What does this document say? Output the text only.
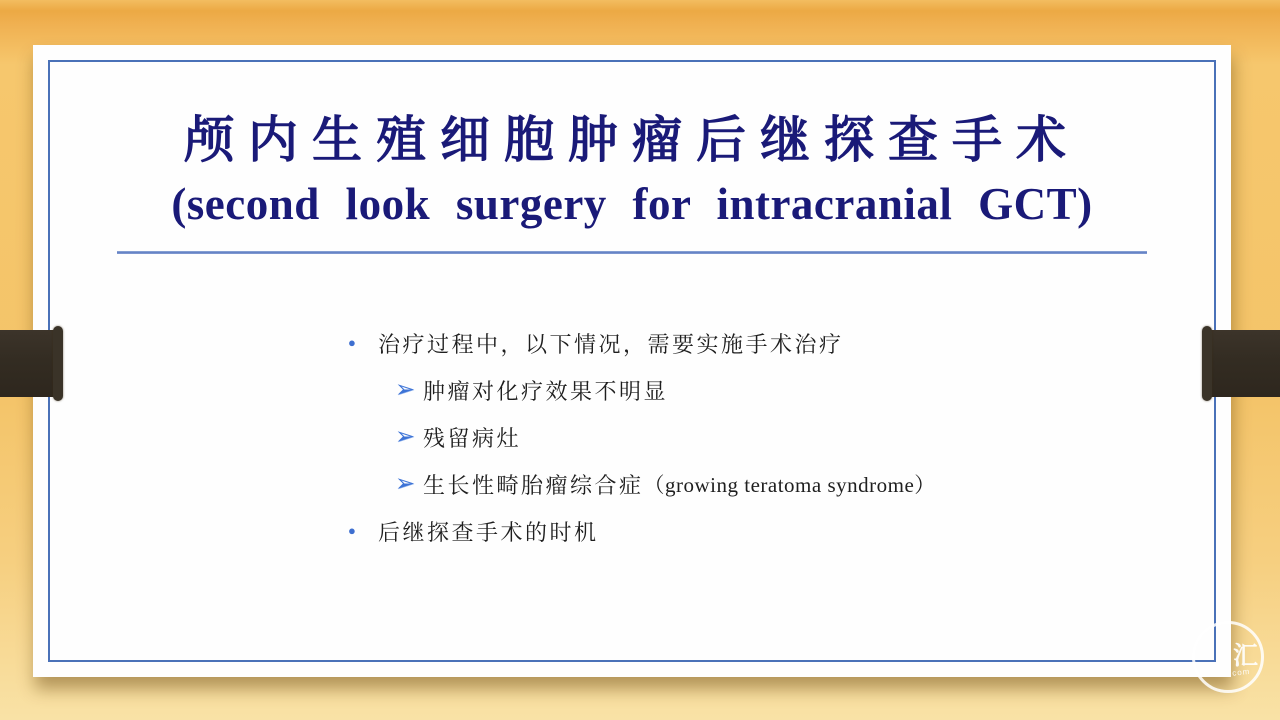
颅内生殖细胞肿瘤后继探查手术
(second look surgery for intracranial GCT)
●	治疗过程中，以下情况，需要实施手术治疗
➢ 肿瘤对化疗效果不明显
➢ 残留病灶
➢ 生长性畸胎瘤综合症 （growing teratoma syndrome）
●	后继探查手术的时机
汇
.com
